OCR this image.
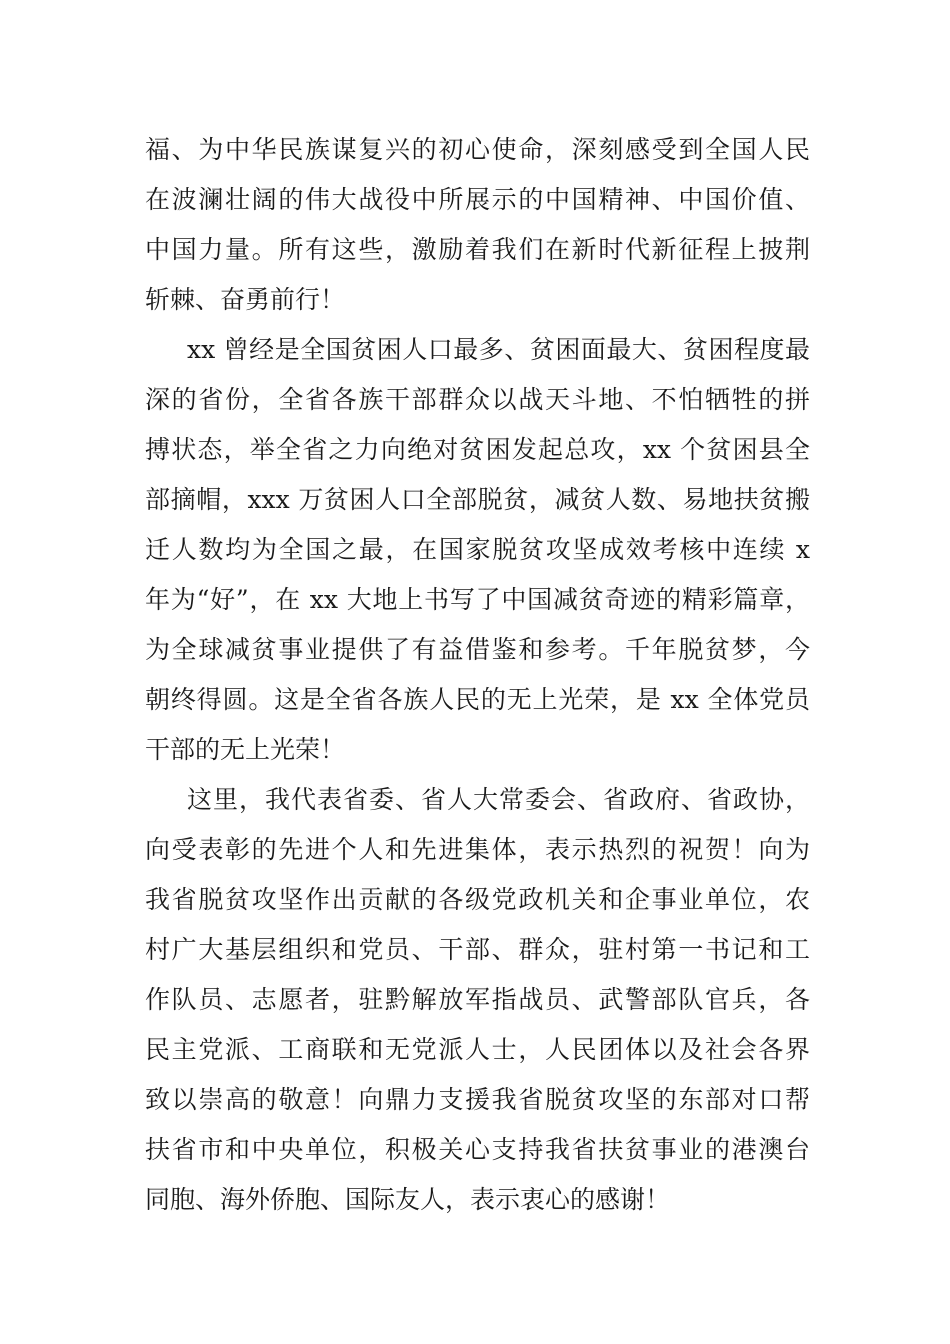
福、为中华民族谋复兴的初心使命，深刻感受到全国人民
在波澜壮阔的伟大战役中所展示的中国精神、中国价值、
中国力量。所有这些，激励着我们在新时代新征程上披荆
斩棘、奋勇前行！
xx 曾经是全国贫困人口最多、贫困面最大、贫困程度最
深的省份，全省各族干部群众以战天斗地、不怕牺牲的拼
搏状态，举全省之力向绝对贫困发起总攻，xx 个贫困县全
部摘帽，xxx 万贫困人口全部脱贫，减贫人数、易地扶贫搬
迁人数均为全国之最，在国家脱贫攻坚成效考核中连续 x
年为“好”，在 xx 大地上书写了中国减贫奇迹的精彩篇章，
为全球减贫事业提供了有益借鉴和参考。千年脱贫梦，今
朝终得圆。这是全省各族人民的无上光荣，是 xx 全体党员
干部的无上光荣！
这里，我代表省委、省人大常委会、省政府、省政协，
向受表彰的先进个人和先进集体，表示热烈的祝贺！向为
我省脱贫攻坚作出贡献的各级党政机关和企事业单位，农
村广大基层组织和党员、干部、群众，驻村第一书记和工
作队员、志愿者，驻黔解放军指战员、武警部队官兵，各
民主党派、工商联和无党派人士，人民团体以及社会各界
致以崇高的敬意！向鼎力支援我省脱贫攻坚的东部对口帮
扶省市和中央单位，积极关心支持我省扶贫事业的港澳台
同胞、海外侨胞、国际友人，表示衷心的感谢！
